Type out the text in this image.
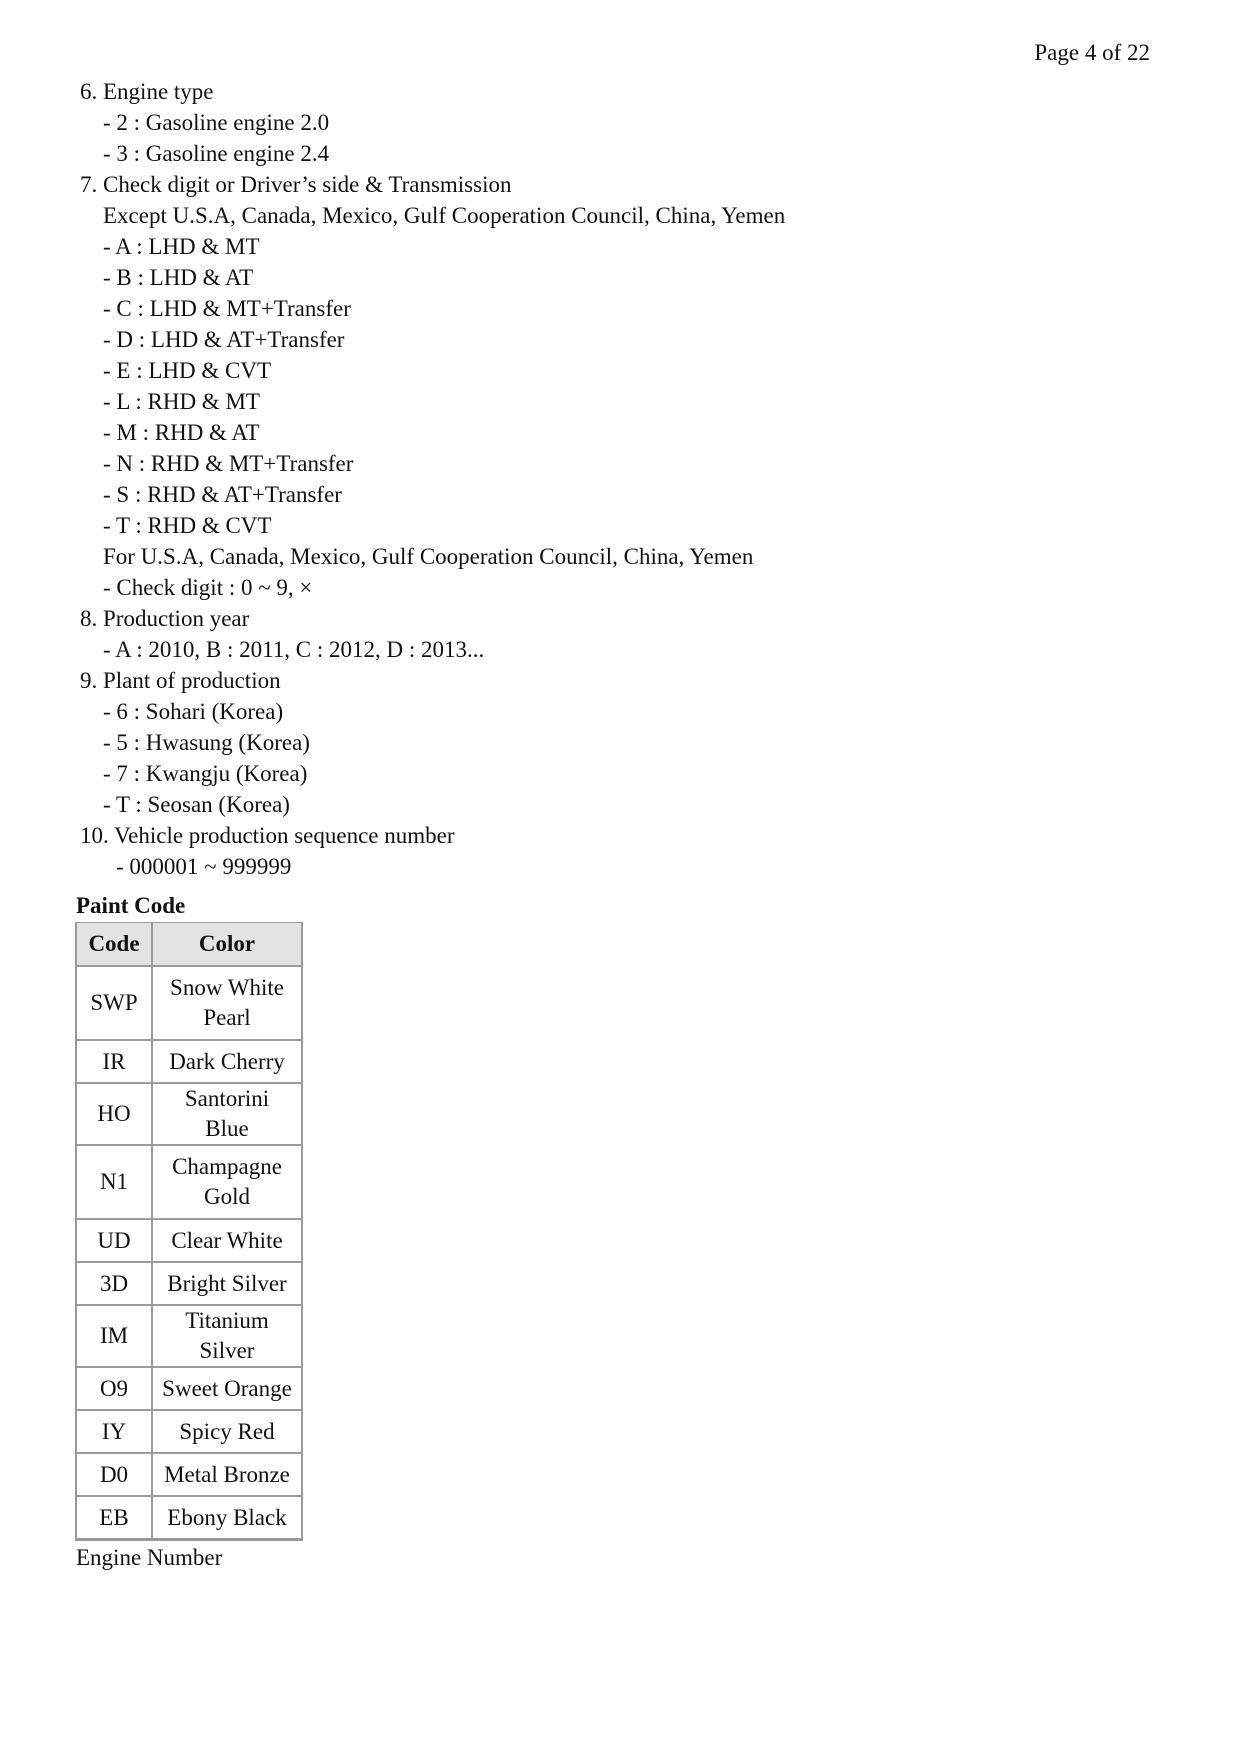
Page 4 of 22
6. Engine type
- 2 : Gasoline engine 2.0
- 3 : Gasoline engine 2.4
7. Check digit or Driver’s side & Transmission
Except U.S.A, Canada, Mexico, Gulf Cooperation Council, China, Yemen
- A : LHD & MT
- B : LHD & AT
- C : LHD & MT+Transfer
- D : LHD & AT+Transfer
- E : LHD & CVT
- L : RHD & MT
- M : RHD & AT
- N : RHD & MT+Transfer
- S : RHD & AT+Transfer
- T : RHD & CVT
For U.S.A, Canada, Mexico, Gulf Cooperation Council, China, Yemen
- Check digit : 0 ~ 9, ×
8. Production year
- A : 2010, B : 2011, C : 2012, D : 2013...
9. Plant of production
- 6 : Sohari (Korea)
- 5 : Hwasung (Korea)
- 7 : Kwangju (Korea)
- T : Seosan (Korea)
10. Vehicle production sequence number
- 000001 ~ 999999
Paint Code
Code	Color
SWP	Snow White
Pearl

IR	Dark Cherry

HO	Santorini Blue

N1	Champagne
Gold

UD	Clear White

3D	Bright Silver

IM	Titanium Silver

O9	Sweet Orange

IY	Spicy Red

D0	Metal Bronze

EB	Ebony Black
Engine Number
